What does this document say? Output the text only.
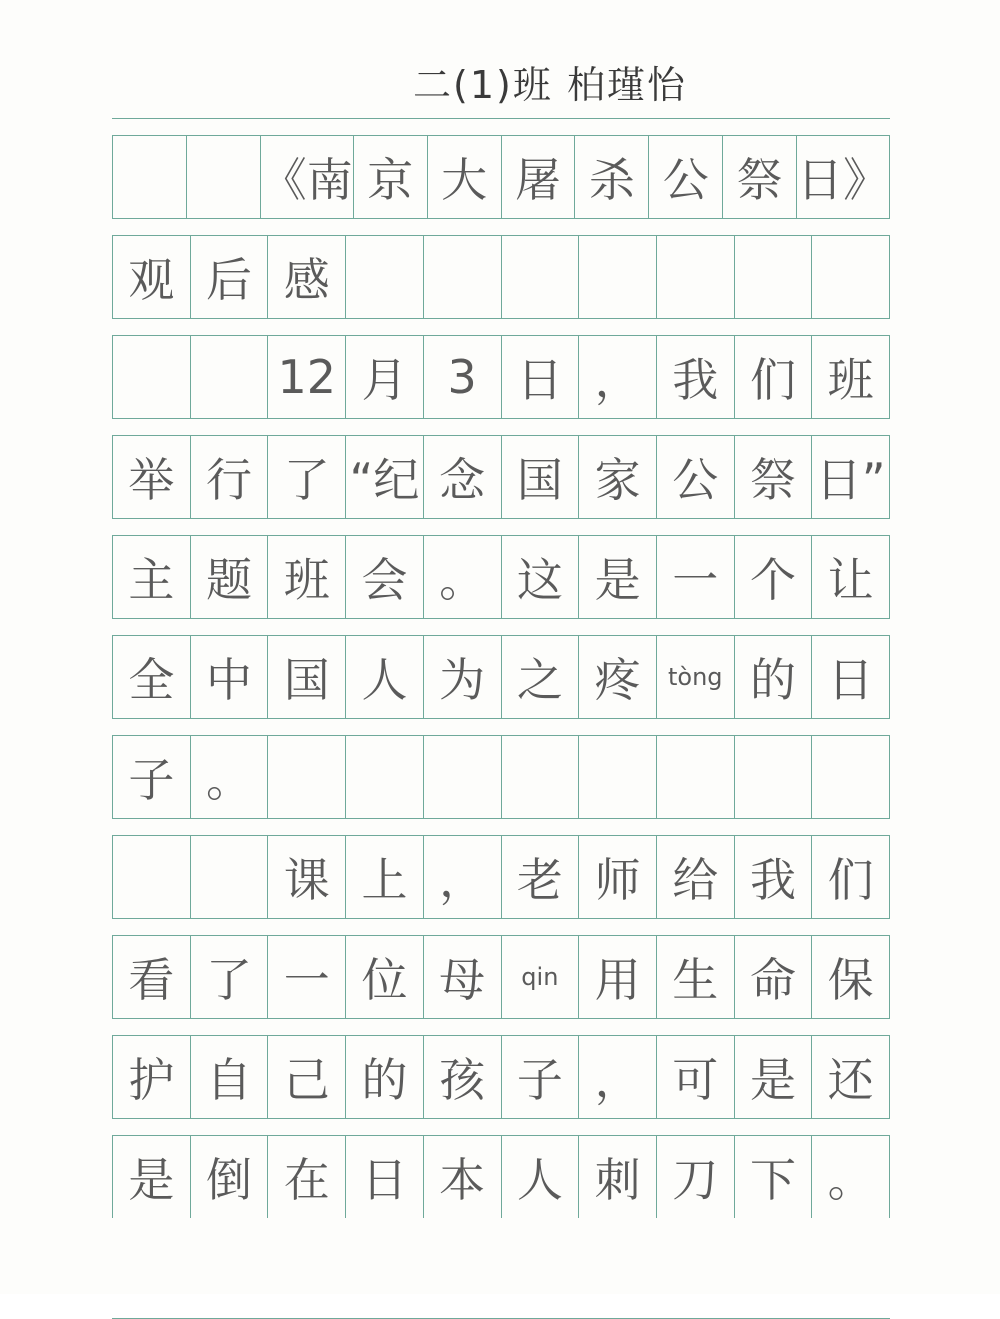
二(1)班 柏瑾怡
《南 京 大 屠 杀 公 祭 日》
观 后 感
12 月 3 日 ， 我 们 班
举 行 了 “纪 念 国 家 公 祭 日”
主 题 班 会 。 这 是 一 个 让
全 中 国 人 为 之 疼	tòng 的 日
子 。
课 上 ， 老 师 给 我 们
看 了 一 位 母	qin 用 生 命 保
护 自 己 的 孩 子 ， 可 是 还
是 倒 在 日 本 人 刺 刀 下 。
